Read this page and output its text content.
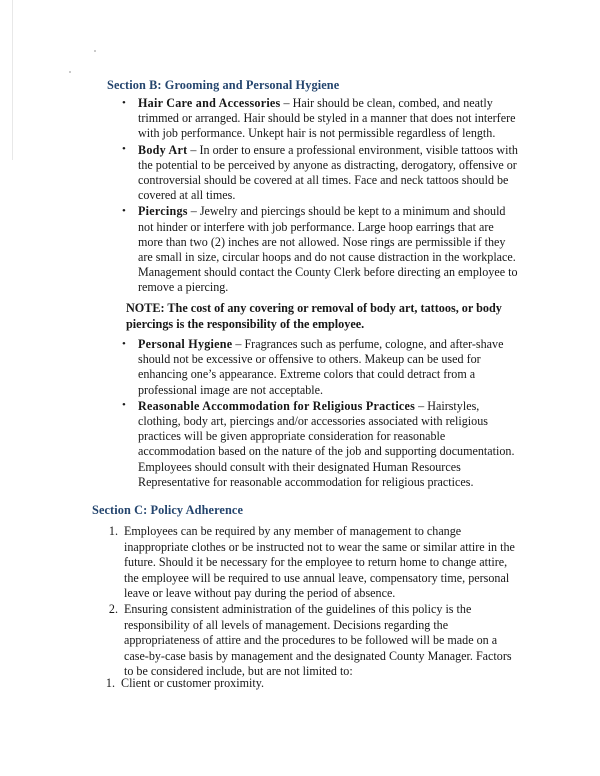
Section B: Grooming and Personal Hygiene
• Hair Care and Accessories – Hair should be clean, combed, and neatly trimmed or arranged. Hair should be styled in a manner that does not interfere with job performance. Unkept hair is not permissible regardless of length.
• Body Art – In order to ensure a professional environment, visible tattoos with the potential to be perceived by anyone as distracting, derogatory, offensive or controversial should be covered at all times. Face and neck tattoos should be covered at all times.
• Piercings – Jewelry and piercings should be kept to a minimum and should not hinder or interfere with job performance. Large hoop earrings that are more than two (2) inches are not allowed. Nose rings are permissible if they are small in size, circular hoops and do not cause distraction in the workplace. Management should contact the County Clerk before directing an employee to remove a piercing.
NOTE: The cost of any covering or removal of body art, tattoos, or body piercings is the responsibility of the employee.
• Personal Hygiene – Fragrances such as perfume, cologne, and after-shave should not be excessive or offensive to others. Makeup can be used for enhancing one’s appearance. Extreme colors that could detract from a professional image are not acceptable.
• Reasonable Accommodation for Religious Practices – Hairstyles, clothing, body art, piercings and/or accessories associated with religious practices will be given appropriate consideration for reasonable accommodation based on the nature of the job and supporting documentation. Employees should consult with their designated Human Resources Representative for reasonable accommodation for religious practices.
Section C: Policy Adherence
1. Employees can be required by any member of management to change inappropriate clothes or be instructed not to wear the same or similar attire in the future. Should it be necessary for the employee to return home to change attire, the employee will be required to use annual leave, compensatory time, personal leave or leave without pay during the period of absence.
2. Ensuring consistent administration of the guidelines of this policy is the responsibility of all levels of management. Decisions regarding the appropriateness of attire and the procedures to be followed will be made on a case-by-case basis by management and the designated County Manager. Factors to be considered include, but are not limited to:
1. Client or customer proximity.
